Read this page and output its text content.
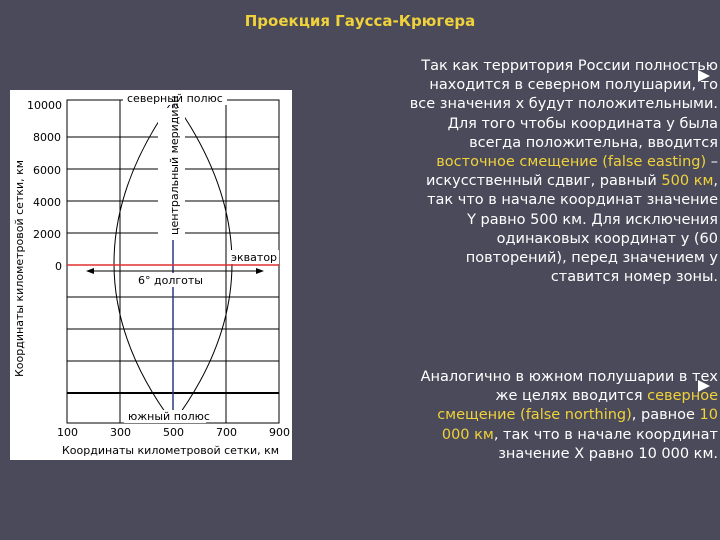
Проекция Гаусса-Крюгера
северный полюс
южный полюс
центральный меридиан
экватор
6° долготы
10000
8000
6000
4000
2000
0
100	300	500	700	900
Координаты километровой сетки, км
Координаты километровой сетки, км
Так как территория России полностью
находится в северном полушарии, то
все значения x будут положительными.
Для того чтобы координата y была
всегда положительна, вводится
восточное смещение (false easting) –
искусственный сдвиг, равный 500 км,
так что в начале координат значение
Y равно 500 км. Для исключения
одинаковых координат у (60
повторений), перед значением у
ставится номер зоны.
Аналогично в южном полушарии в тех
же целях вводится северное
смещение (false northing), равное 10
000 км, так что в начале координат
значение X равно 10 000 км.
